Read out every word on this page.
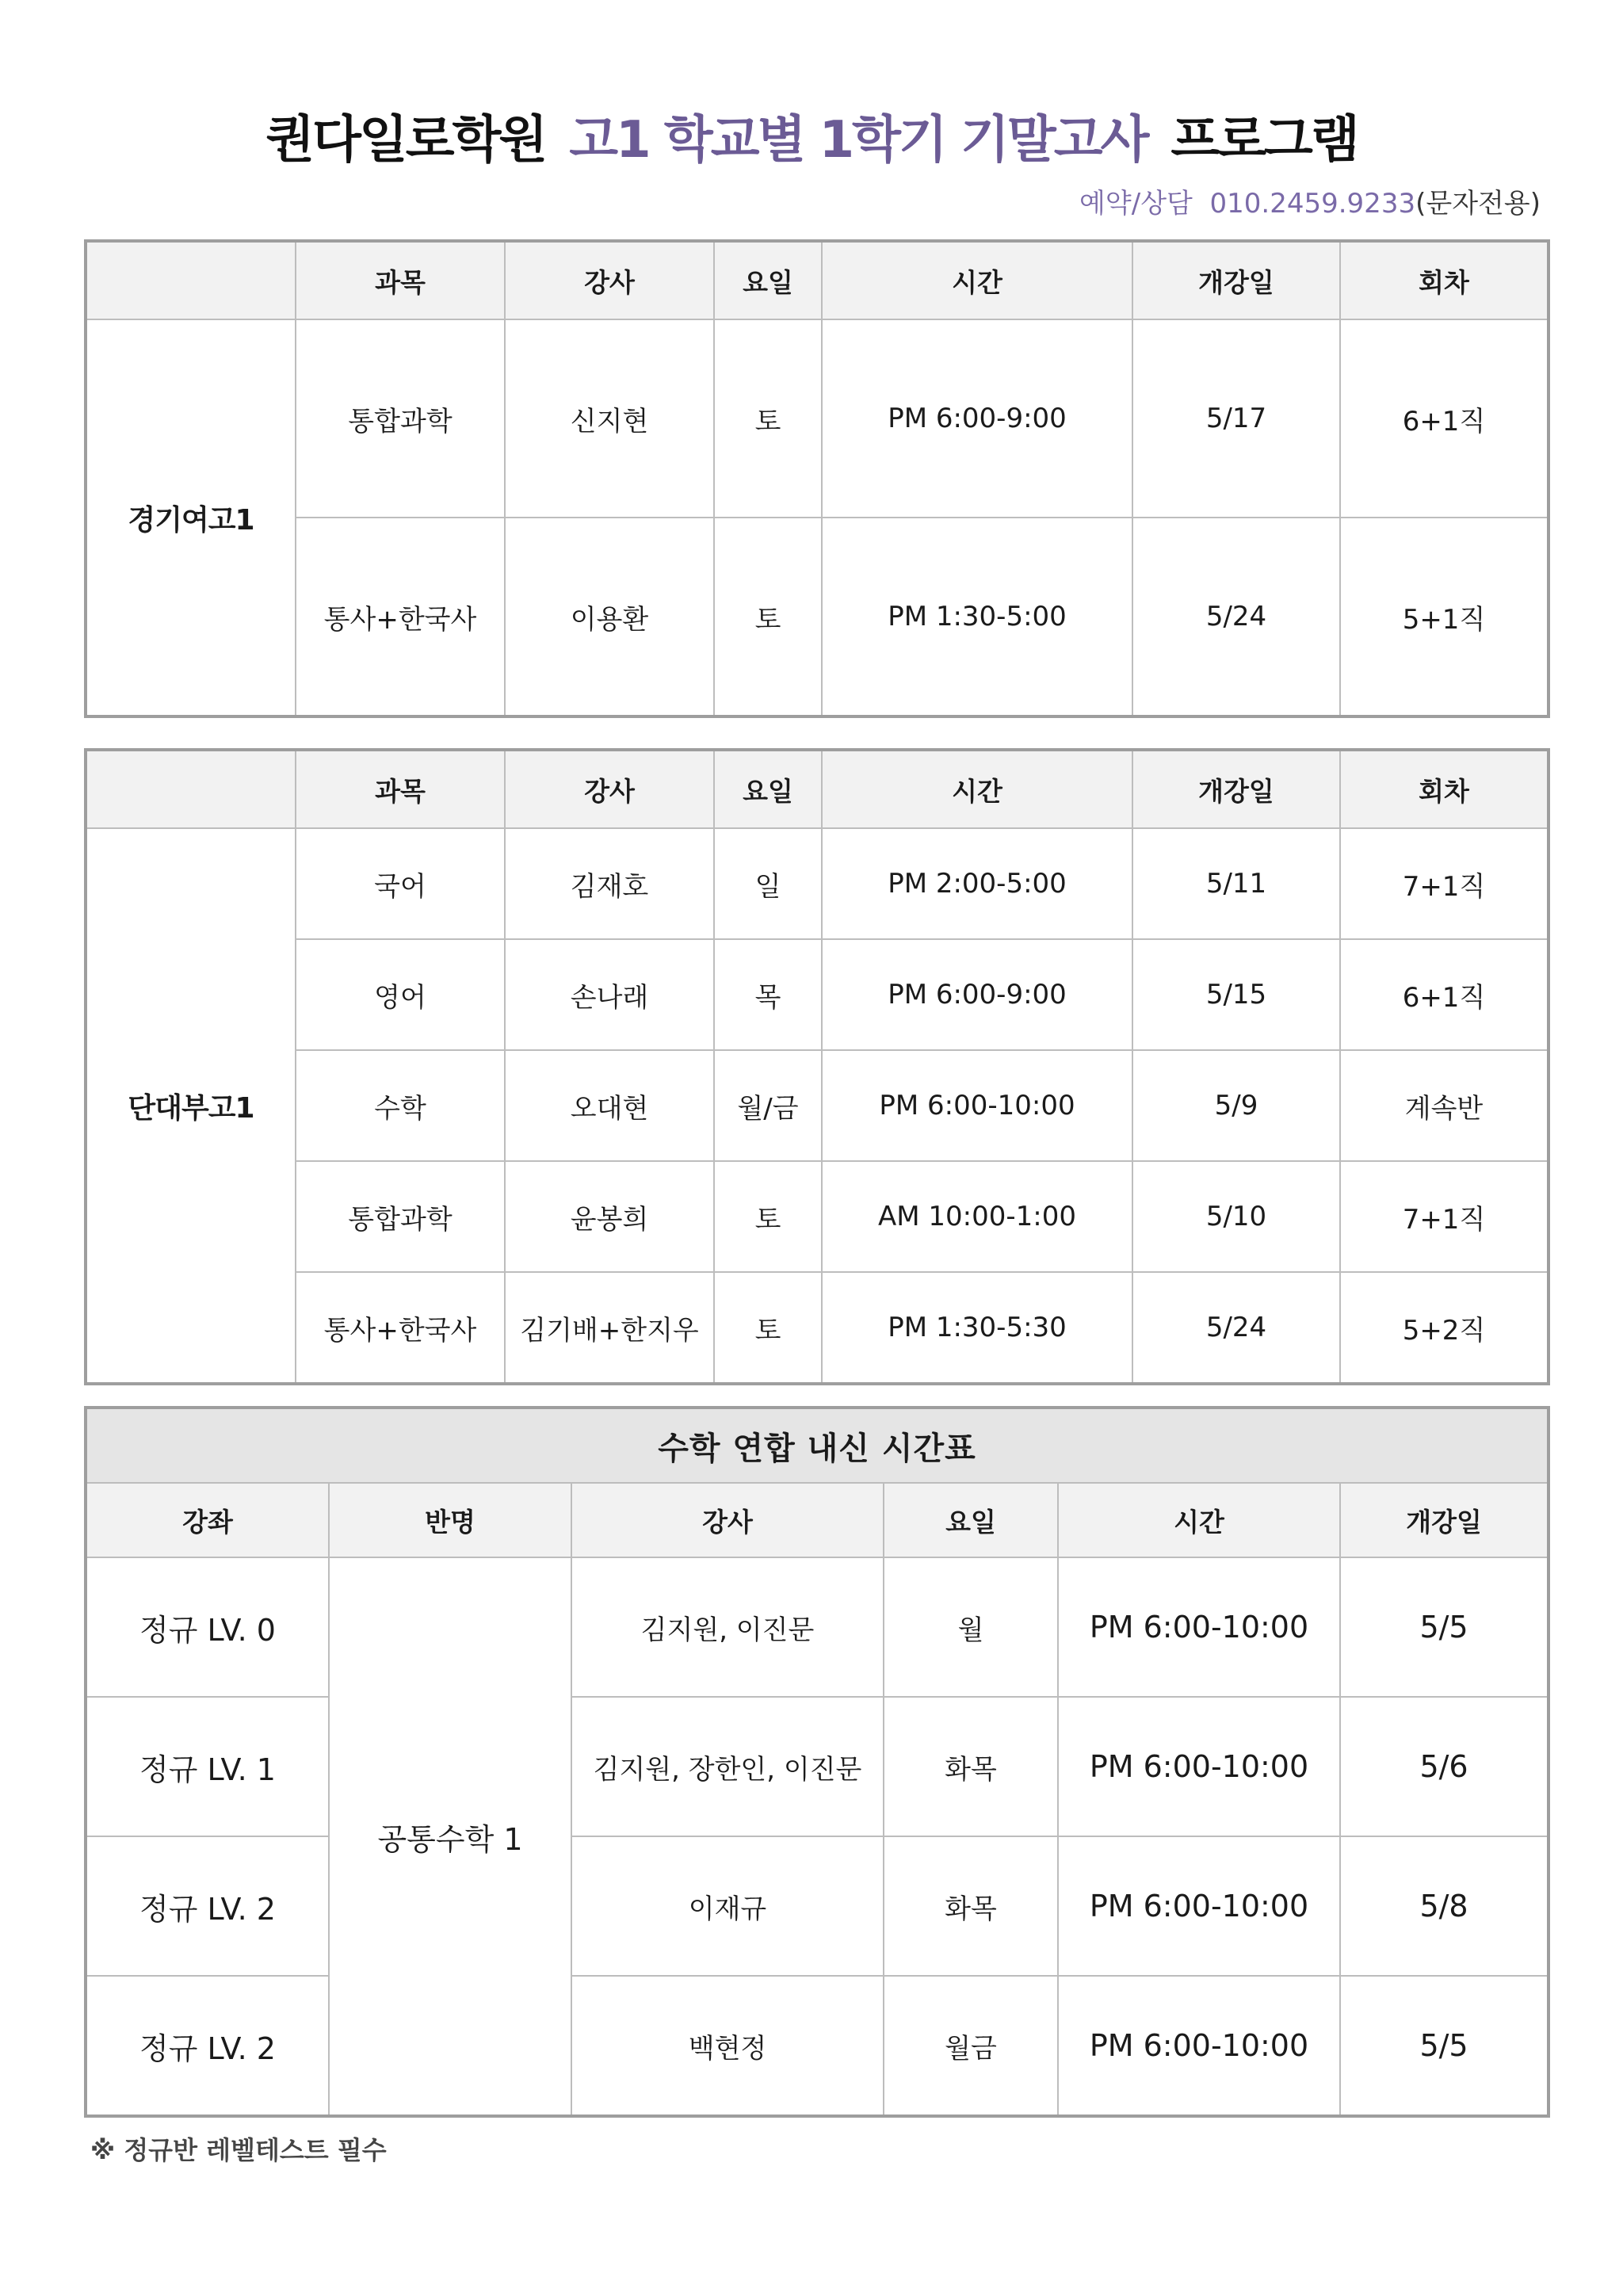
퀀다일로학원 고1 학교별 1학기 기말고사 프로그램
예약/상담 010.2459.9233(문자전용)
	과목	강사	요일	시간	개강일	회차
경기여고1	통합과학	신지현	토	PM 6:00-9:00	5/17	6+1직
	통사+한국사	이용환	토	PM 1:30-5:00	5/24	5+1직
	과목	강사	요일	시간	개강일	회차
단대부고1	국어	김재호	일	PM 2:00-5:00	5/11	7+1직
	영어	손나래	목	PM 6:00-9:00	5/15	6+1직
	수학	오대현	월/금	PM 6:00-10:00	5/9	계속반
	통합과학	윤봉희	토	AM 10:00-1:00	5/10	7+1직
	통사+한국사	김기배+한지우	토	PM 1:30-5:30	5/24	5+2직
수학 연합 내신 시간표					
강좌	반명	강사	요일	시간	개강일
정규 LV. 0	공통수학 1	김지원, 이진문	월	PM 6:00-10:00	5/5
정규 LV. 1		김지원, 장한인, 이진문	화목	PM 6:00-10:00	5/6
정규 LV. 2		이재규	화목	PM 6:00-10:00	5/8
정규 LV. 2		백현정	월금	PM 6:00-10:00	5/5
※ 정규반 레벨테스트 필수
